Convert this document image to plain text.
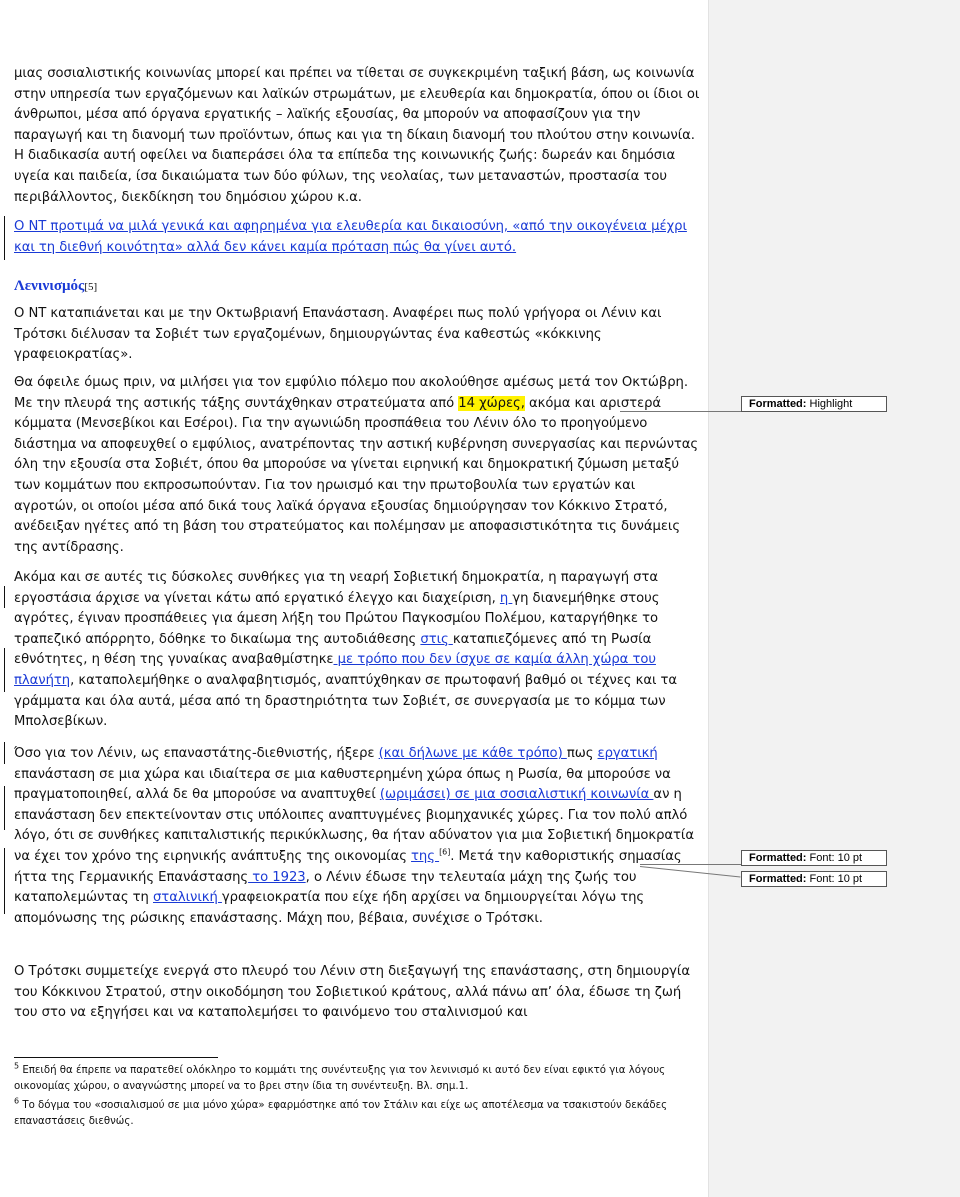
μιας σοσιαλιστικής κοινωνίας μπορεί και πρέπει να τίθεται σε συγκεκριμένη ταξική βάση, ως κοινωνία στην υπηρεσία των εργαζόμενων και λαϊκών στρωμάτων, με ελευθερία και δημοκρατία, όπου οι ίδιοι οι άνθρωποι, μέσα από όργανα εργατικής – λαϊκής εξουσίας, θα μπορούν να αποφασίζουν για την παραγωγή και τη διανομή των προϊόντων, όπως και για τη δίκαιη διανομή του πλούτου στην κοινωνία. Η διαδικασία αυτή οφείλει να διαπεράσει όλα τα επίπεδα της κοινωνικής ζωής: δωρεάν και δημόσια υγεία και παιδεία, ίσα δικαιώματα των δύο φύλων, της νεολαίας, των μεταναστών, προστασία του περιβάλλοντος, διεκδίκηση του δημόσιου χώρου κ.α.

Ο ΝΤ προτιμά να μιλά γενικά και αφηρημένα για ελευθερία και δικαιοσύνη, «από την οικογένεια μέχρι και τη διεθνή κοινότητα» αλλά δεν κάνει καμία πρόταση πώς θα γίνει αυτό.

Λενινισμός[5]

Ο ΝΤ καταπιάνεται και με την Οκτωβριανή Επανάσταση. Αναφέρει πως πολύ γρήγορα οι Λένιν και Τρότσκι διέλυσαν τα Σοβιέτ των εργαζομένων, δημιουργώντας ένα καθεστώς «κόκκινης γραφειοκρατίας».

Θα όφειλε όμως πριν, να μιλήσει για τον εμφύλιο πόλεμο που ακολούθησε αμέσως μετά τον Οκτώβρη. Με την πλευρά της αστικής τάξης συντάχθηκαν στρατεύματα από 14 χώρες, ακόμα και αριστερά κόμματα (Μενσεβίκοι και Εσέροι). Για την αγωνιώδη προσπάθεια του Λένιν όλο το προηγούμενο διάστημα να αποφευχθεί ο εμφύλιος, ανατρέποντας την αστική κυβέρνηση συνεργασίας και περνώντας όλη την εξουσία στα Σοβιέτ, όπου θα μπορούσε να γίνεται ειρηνική και δημοκρατική ζύμωση μεταξύ των κομμάτων που εκπροσωπούνταν. Για τον ηρωισμό και την πρωτοβουλία των εργατών και αγροτών, οι οποίοι μέσα από δικά τους λαϊκά όργανα εξουσίας δημιούργησαν τον Κόκκινο Στρατό, ανέδειξαν ηγέτες από τη βάση του στρατεύματος και πολέμησαν με αποφασιστικότητα τις δυνάμεις της αντίδρασης.

Ακόμα και σε αυτές τις δύσκολες συνθήκες για τη νεαρή Σοβιετική δημοκρατία, η παραγωγή στα εργοστάσια άρχισε να γίνεται κάτω από εργατικό έλεγχο και διαχείριση, η γη διανεμήθηκε στους αγρότες, έγιναν προσπάθειες για άμεση λήξη του Πρώτου Παγκοσμίου Πολέμου, καταργήθηκε το τραπεζικό απόρρητο, δόθηκε το δικαίωμα της αυτοδιάθεσης στις καταπιεζόμενες από τη Ρωσία εθνότητες, η θέση της γυναίκας αναβαθμίστηκε με τρόπο που δεν ίσχυε σε καμία άλλη χώρα του πλανήτη, καταπολεμήθηκε ο αναλφαβητισμός, αναπτύχθηκαν σε πρωτοφανή βαθμό οι τέχνες και τα γράμματα και όλα αυτά, μέσα από τη δραστηριότητα των Σοβιέτ, σε συνεργασία με το κόμμα των Μπολσεβίκων.

Όσο για τον Λένιν, ως επαναστάτης-διεθνιστής, ήξερε (και δήλωνε με κάθε τρόπο) πως εργατική επανάσταση σε μια χώρα και ιδιαίτερα σε μια καθυστερημένη χώρα όπως η Ρωσία, θα μπορούσε να πραγματοποιηθεί, αλλά δε θα μπορούσε να αναπτυχθεί (ωριμάσει) σε μια σοσιαλιστική κοινωνία αν η επανάσταση δεν επεκτείνονταν στις υπόλοιπες αναπτυγμένες βιομηχανικές χώρες. Για τον πολύ απλό λόγο, ότι σε συνθήκες καπιταλιστικής περικύκλωσης, θα ήταν αδύνατον για μια Σοβιετική δημοκρατία να έχει τον χρόνο της ειρηνικής ανάπτυξης της οικονομίας της [6]. Μετά την καθοριστικής σημασίας ήττα της Γερμανικής Επανάστασης το 1923, ο Λένιν έδωσε την τελευταία μάχη της ζωής του καταπολεμώντας τη σταλινική γραφειοκρατία που είχε ήδη αρχίσει να δημιουργείται λόγω της απομόνωσης της ρώσικης επανάστασης. Μάχη που, βέβαια, συνέχισε ο Τρότσκι.

Ο Τρότσκι συμμετείχε ενεργά στο πλευρό του Λένιν στη διεξαγωγή της επανάστασης, στη δημιουργία του Κόκκινου Στρατού, στην οικοδόμηση του Σοβιετικού κράτους, αλλά πάνω απ’ όλα, έδωσε τη ζωή του στο να εξηγήσει και να καταπολεμήσει το φαινόμενο του σταλινισμού και

$^5$ Επειδή θα έπρεπε να παρατεθεί ολόκληρο το κομμάτι της συνέντευξης για τον λενινισμό κι αυτό δεν είναι εφικτό για λόγους οικονομίας χώρου, ο αναγνώστης μπορεί να το βρει στην ίδια τη συνέντευξη. Βλ. σημ.1.

$^6$ Το δόγμα του «σοσιαλισμού σε μια μόνο χώρα» εφαρμόστηκε από τον Στάλιν και είχε ως αποτέλεσμα να τσακιστούν δεκάδες επαναστάσεις διεθνώς.

Formatted: Highlight
Formatted: Font: 10 pt
Formatted: Font: 10 pt
